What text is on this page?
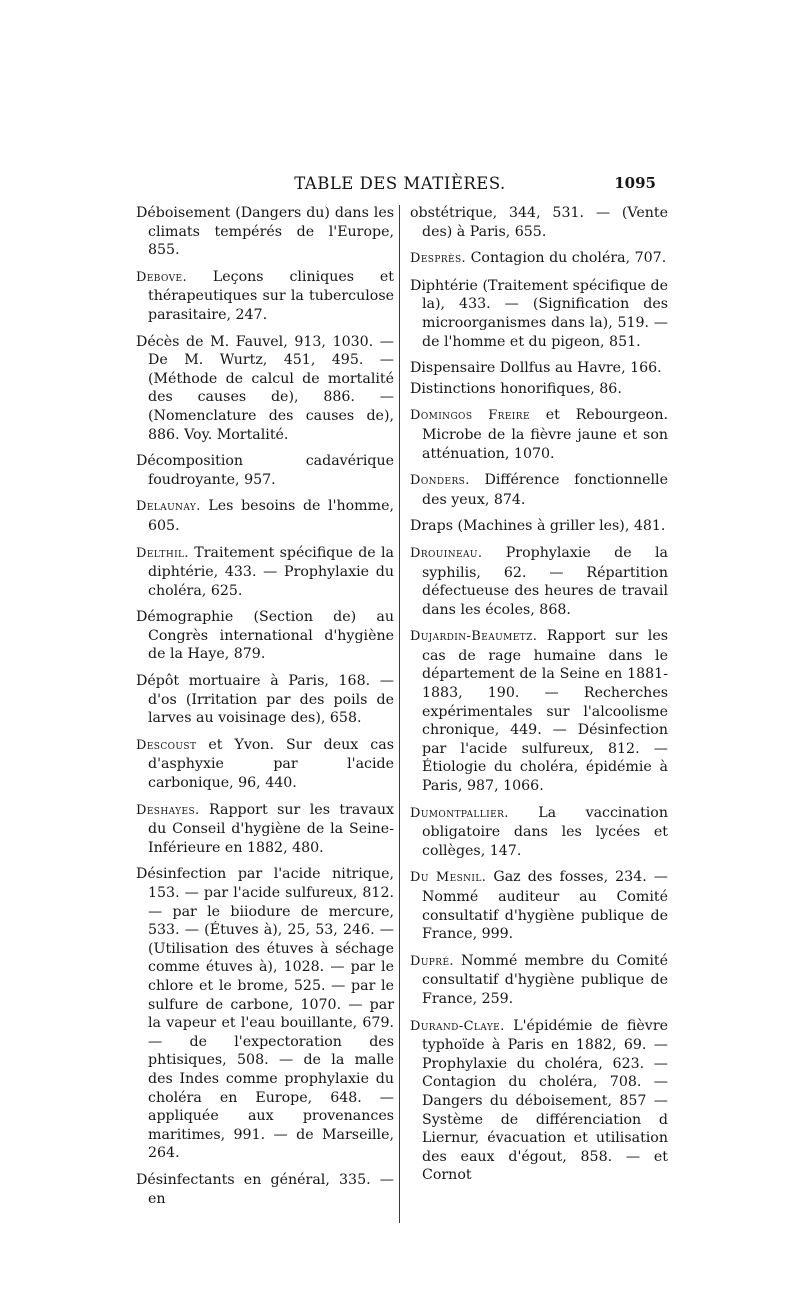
TABLE DES MATIÈRES.	1095

Déboisement (Dangers du) dans les climats tempérés de l'Europe, 855.

Debove. Leçons cliniques et thérapeutiques sur la tuberculose parasitaire, 247.

Décès de M. Fauvel, 913, 1030. — De M. Wurtz, 451, 495. — (Méthode de calcul de mortalité des causes de), 886. — (Nomenclature des causes de), 886. Voy. Mortalité.

Décomposition cadavérique foudroyante, 957.

Delaunay. Les besoins de l'homme, 605.

Delthil. Traitement spécifique de la diphtérie, 433. — Prophylaxie du choléra, 625.

Démographie (Section de) au Congrès international d'hygiène de la Haye, 879.

Dépôt mortuaire à Paris, 168. — d'os (Irritation par des poils de larves au voisinage des), 658.

Descoust et Yvon. Sur deux cas d'asphyxie par l'acide carbonique, 96, 440.

Deshayes. Rapport sur les travaux du Conseil d'hygiène de la Seine-Inférieure en 1882, 480.

Désinfection par l'acide nitrique, 153. — par l'acide sulfureux, 812. — par le biiodure de mercure, 533. — (Étuves à), 25, 53, 246. — (Utilisation des étuves à séchage comme étuves à), 1028. — par le chlore et le brome, 525. — par le sulfure de carbone, 1070. — par la vapeur et l'eau bouillante, 679. — de l'expectoration des phtisiques, 508. — de la malle des Indes comme prophylaxie du choléra en Europe, 648. — appliquée aux provenances maritimes, 991. — de Marseille, 264.

Désinfectants en général, 335. — en

obstétrique, 344, 531. — (Vente des) à Paris, 655.

Desprès. Contagion du choléra, 707.

Diphtérie (Traitement spécifique de la), 433. — (Signification des microorganismes dans la), 519. — de l'homme et du pigeon, 851.

Dispensaire Dollfus au Havre, 166.

Distinctions honorifiques, 86.

Domingos Freire et Rebourgeon. Microbe de la fièvre jaune et son atténuation, 1070.

Donders. Différence fonctionnelle des yeux, 874.

Draps (Machines à griller les), 481.

Drouineau. Prophylaxie de la syphilis, 62. — Répartition défectueuse des heures de travail dans les écoles, 868.

Dujardin-Beaumetz. Rapport sur les cas de rage humaine dans le département de la Seine en 1881-1883, 190. — Recherches expérimentales sur l'alcoolisme chronique, 449. — Désinfection par l'acide sulfureux, 812. — Étiologie du choléra, épidémie à Paris, 987, 1066.

Dumontpallier. La vaccination obligatoire dans les lycées et collèges, 147.

Du Mesnil. Gaz des fosses, 234. — Nommé auditeur au Comité consultatif d'hygiène publique de France, 999.

Dupré. Nommé membre du Comité consultatif d'hygiène publique de France, 259.

Durand-Claye. L'épidémie de fièvre typhoïde à Paris en 1882, 69. — Prophylaxie du choléra, 623. — Contagion du choléra, 708. — Dangers du déboisement, 857 — Système de différenciation d Liernur, évacuation et utilisation des eaux d'égout, 858. — et Cornot
